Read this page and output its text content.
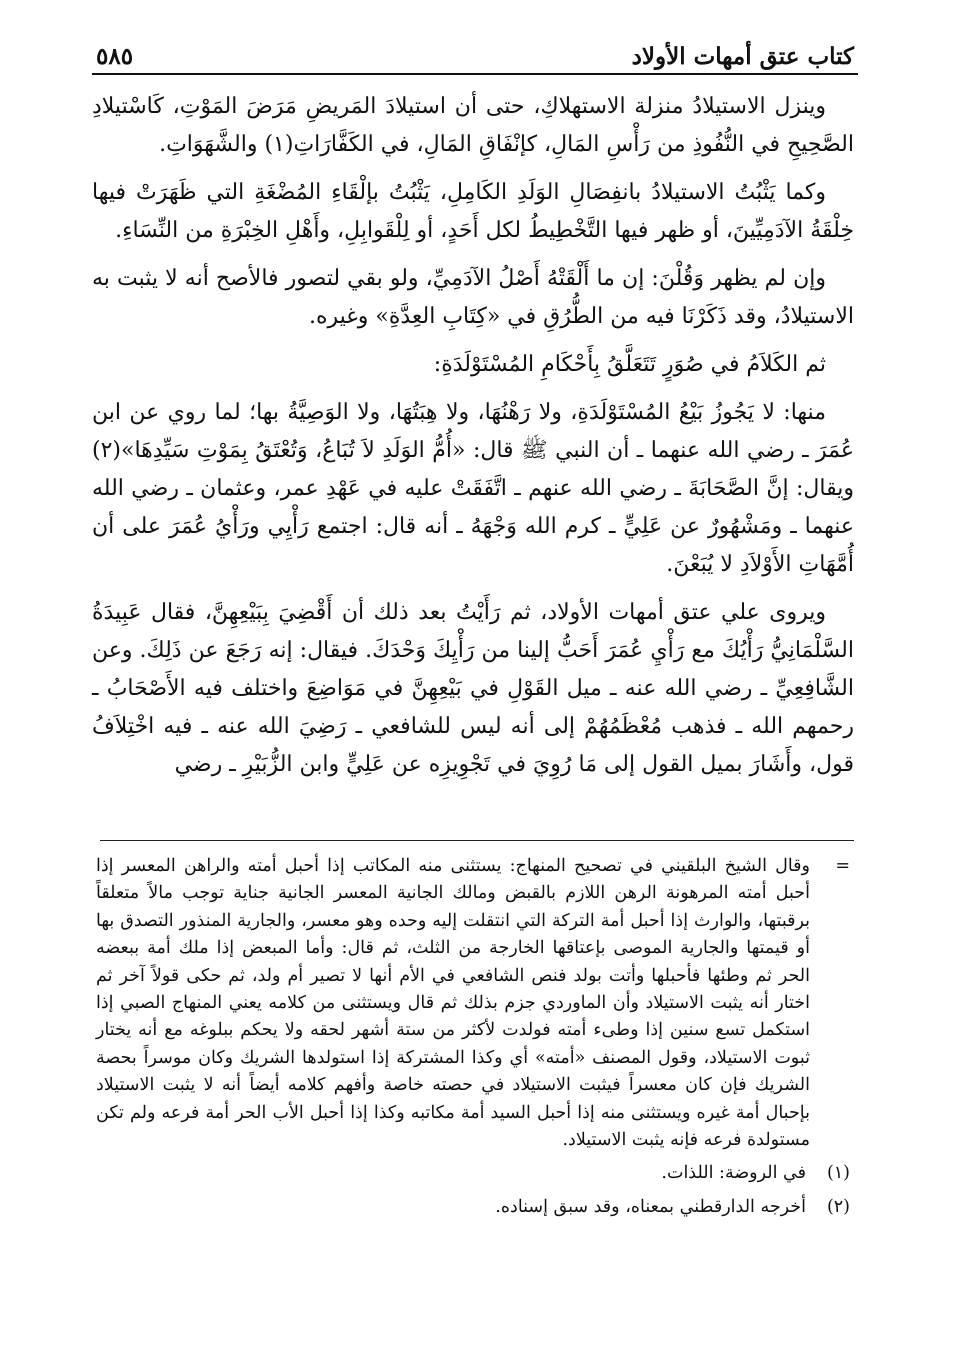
كتاب عتق أمهات الأولاد
٥٨٥

وينزل الاستيلادُ منزلة الاستهلاكِ، حتى أن استيلادَ المَريضِ مَرَضَ المَوْتِ، كَاسْتيلادِ الصَّحِيحِ في النُّفُوذِ من رَأْسِ المَالِ، كإنْفَاقِ المَالِ، في الكَفَّارَاتِ(١) والشَّهَوَاتِ.

وكما يَثْبُتُ الاستيلادُ بانفِصَالِ الوَلَدِ الكَامِلِ، يَثْبُتُ بإلْقَاءِ المُضْغَةِ التي ظَهَرَتْ فيها خِلْقَةُ الآدَمِيِّينَ، أو ظهر فيها التَّخْطِيطُ لكل أَحَدٍ، أو لِلْقَوابِلِ، وأَهْلِ الخِبْرَةِ من النِّسَاءِ.

وإن لم يظهر وَقُلْنَ: إن ما أَلْقَتْهُ أَصْلُ الآدَمِيِّ، ولو بقي لتصور فالأصح أنه لا يثبت به الاستيلادُ، وقد ذَكَرْنَا فيه من الطُّرُقِ في «كِتَابِ العِدَّةِ» وغيره.

ثم الكَلاَمُ في صُوَرٍ تَتَعَلَّقُ بِأَحْكَامِ المُسْتَوْلَدَةِ:

منها: لا يَجُوزُ بَيْعُ المُسْتَوْلَدَةِ، ولا رَهْنُهَا، ولا هِبَتُهَا، ولا الوَصِيَّةُ بها؛ لما روي عن ابن عُمَرَ ـ رضي الله عنهما ـ أن النبي ﷺ قال: «أُمُّ الوَلَدِ لاَ تُبَاعُ، وَتُعْتَقُ بِمَوْتِ سَيِّدِهَا»(٢) ويقال: إنَّ الصَّحَابَةَ ـ رضي الله عنهم ـ اتَّفَقَتْ عليه في عَهْدِ عمر، وعثمان ـ رضي الله عنهما ـ ومَشْهُورٌ عن عَلِيٍّ ـ كرم الله وَجْهَهُ ـ أنه قال: اجتمع رَأْيِي ورَأْيُ عُمَرَ على أن أُمَّهَاتِ الأَوْلاَدِ لا يُبَعْنَ.

ويروى علي عتق أمهات الأولاد، ثم رَأَيْتُ بعد ذلك أن أَقْضِيَ بِبَيْعِهِنَّ، فقال عَبِيدَةُ السَّلْمَانِيُّ رَأْيُكَ مع رَأْيِ عُمَرَ أَحَبُّ إلينا من رَأْيِكَ وَحْدَكَ. فيقال: إنه رَجَعَ عن ذَلِكَ. وعن الشَّافِعِيِّ ـ رضي الله عنه ـ ميل القَوْلِ في بَيْعِهِنَّ في مَوَاضِعَ واختلف فيه الأَصْحَابُ ـ رحمهم الله ـ فذهب مُعْظَمُهُمْ إلى أنه ليس للشافعي ـ رَضِيَ الله عنه ـ فيه اخْتِلاَفُ قول، وأَشَارَ بميل القول إلى مَا رُوِيَ في تَجْوِيزِه عن عَلِيٍّ وابن الزُّبَيْرِ ـ رضي

=
وقال الشيخ البلقيني في تصحيح المنهاج: يستثنى منه المكاتب إذا أحبل أمته والراهن المعسر إذا أحبل أمته المرهونة الرهن اللازم بالقبض ومالك الجانية المعسر الجانية جناية توجب مالاً متعلقاً برقبتها، والوارث إذا أحبل أمة التركة التي انتقلت إليه وحده وهو معسر، والجارية المنذور التصدق بها أو قيمتها والجارية الموصى بإعتاقها الخارجة من الثلث، ثم قال: وأما المبعض إذا ملك أمة ببعضه الحر ثم وطئها فأحبلها وأتت بولد فنص الشافعي في الأم أنها لا تصير أم ولد، ثم حكى قولاً آخر ثم اختار أنه يثبت الاستيلاد وأن الماوردي جزم بذلك ثم قال ويستثنى من كلامه يعني المنهاج الصبي إذا استكمل تسع سنين إذا وطىء أمته فولدت لأكثر من ستة أشهر لحقه ولا يحكم ببلوغه مع أنه يختار ثبوت الاستيلاد، وقول المصنف «أمته» أي وكذا المشتركة إذا استولدها الشريك وكان موسراً بحصة الشريك فإن كان معسراً فيثبت الاستيلاد في حصته خاصة وأفهم كلامه أيضاً أنه لا يثبت الاستيلاد بإحبال أمة غيره ويستثنى منه إذا أحبل السيد أمة مكاتبه وكذا إذا أحبل الأب الحر أمة فرعه ولم تكن مستولدة فرعه فإنه يثبت الاستيلاد.
(١)
في الروضة: اللذات.
(٢)
أخرجه الدارقطني بمعناه، وقد سبق إسناده.
